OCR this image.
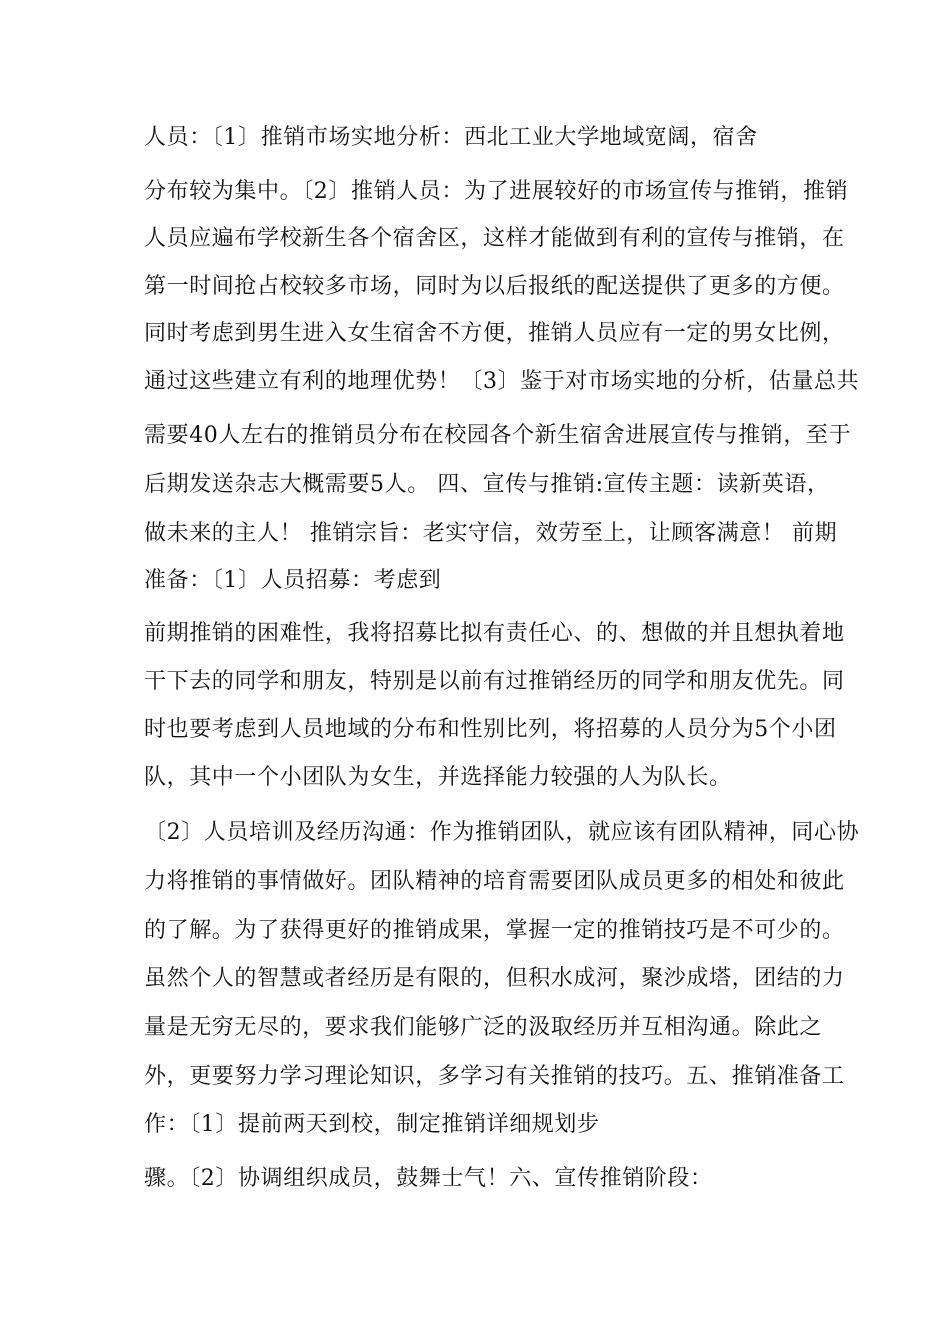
人员：〔1〕推销市场实地分析：西北工业大学地域宽阔，宿舍
分布较为集中。〔2〕推销人员：为了进展较好的市场宣传与推销，推销
人员应遍布学校新生各个宿舍区，这样才能做到有利的宣传与推销，在
第一时间抢占校较多市场，同时为以后报纸的配送提供了更多的方便。
同时考虑到男生进入女生宿舍不方便，推销人员应有一定的男女比例，
通过这些建立有利的地理优势！〔3〕鉴于对市场实地的分析，估量总共
需要40人左右的推销员分布在校园各个新生宿舍进展宣传与推销，至于
后期发送杂志大概需要5人。 四、宣传与推销:宣传主题：读新英语，
做未来的主人！ 推销宗旨：老实守信，效劳至上，让顾客满意！ 前期
准备：〔1〕人员招募：考虑到
前期推销的困难性，我将招募比拟有责任心、的、想做的并且想执着地
干下去的同学和朋友，特别是以前有过推销经历的同学和朋友优先。同
时也要考虑到人员地域的分布和性别比列，将招募的人员分为5个小团
队，其中一个小团队为女生，并选择能力较强的人为队长。
〔2〕人员培训及经历沟通：作为推销团队，就应该有团队精神，同心协
力将推销的事情做好。团队精神的培育需要团队成员更多的相处和彼此
的了解。为了获得更好的推销成果，掌握一定的推销技巧是不可少的。
虽然个人的智慧或者经历是有限的，但积水成河，聚沙成塔，团结的力
量是无穷无尽的，要求我们能够广泛的汲取经历并互相沟通。除此之
外，更要努力学习理论知识，多学习有关推销的技巧。五、推销准备工
作：〔1〕提前两天到校，制定推销详细规划步
骤。〔2〕协调组织成员，鼓舞士气！六、宣传推销阶段：
